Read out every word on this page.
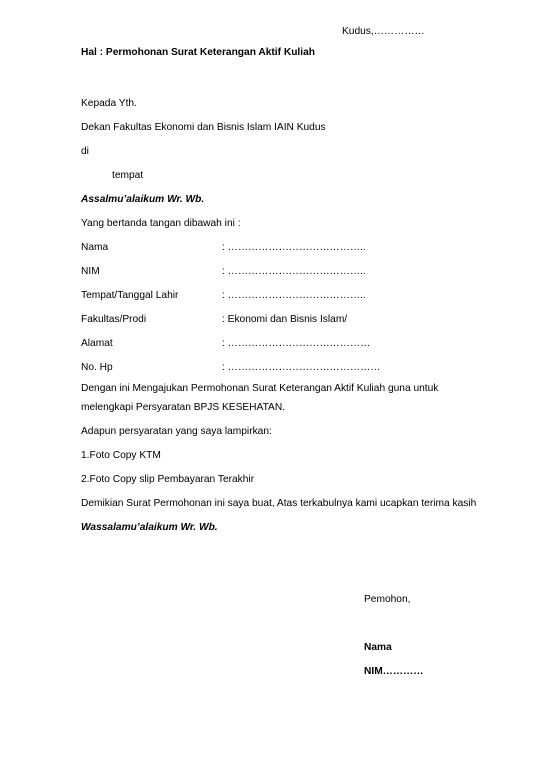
Kudus,……………
Hal : Permohonan Surat Keterangan Aktif Kuliah
Kepada Yth.
Dekan Fakultas Ekonomi dan Bisnis Islam IAIN Kudus
di
tempat
Assalmu’alaikum Wr. Wb.
Yang bertanda tangan dibawah ini :
Nama	: …………………………………..
NIM	: …………………………………..
Tempat/Tanggal Lahir	: …………………………………..
Fakultas/Prodi	: Ekonomi dan Bisnis Islam/
Alamat	: ……………………………………
No. Hp	: ………………………………………
Dengan ini Mengajukan Permohonan Surat Keterangan Aktif Kuliah guna untuk
melengkapi Persyaratan BPJS KESEHATAN.
Adapun persyaratan yang saya lampirkan:
1.Foto Copy KTM
2.Foto Copy slip Pembayaran Terakhir
Demikian Surat Permohonan ini saya buat, Atas terkabulnya kami ucapkan terima kasih
Wassalamu’alaikum Wr. Wb.
Pemohon,
Nama
NIM…………
